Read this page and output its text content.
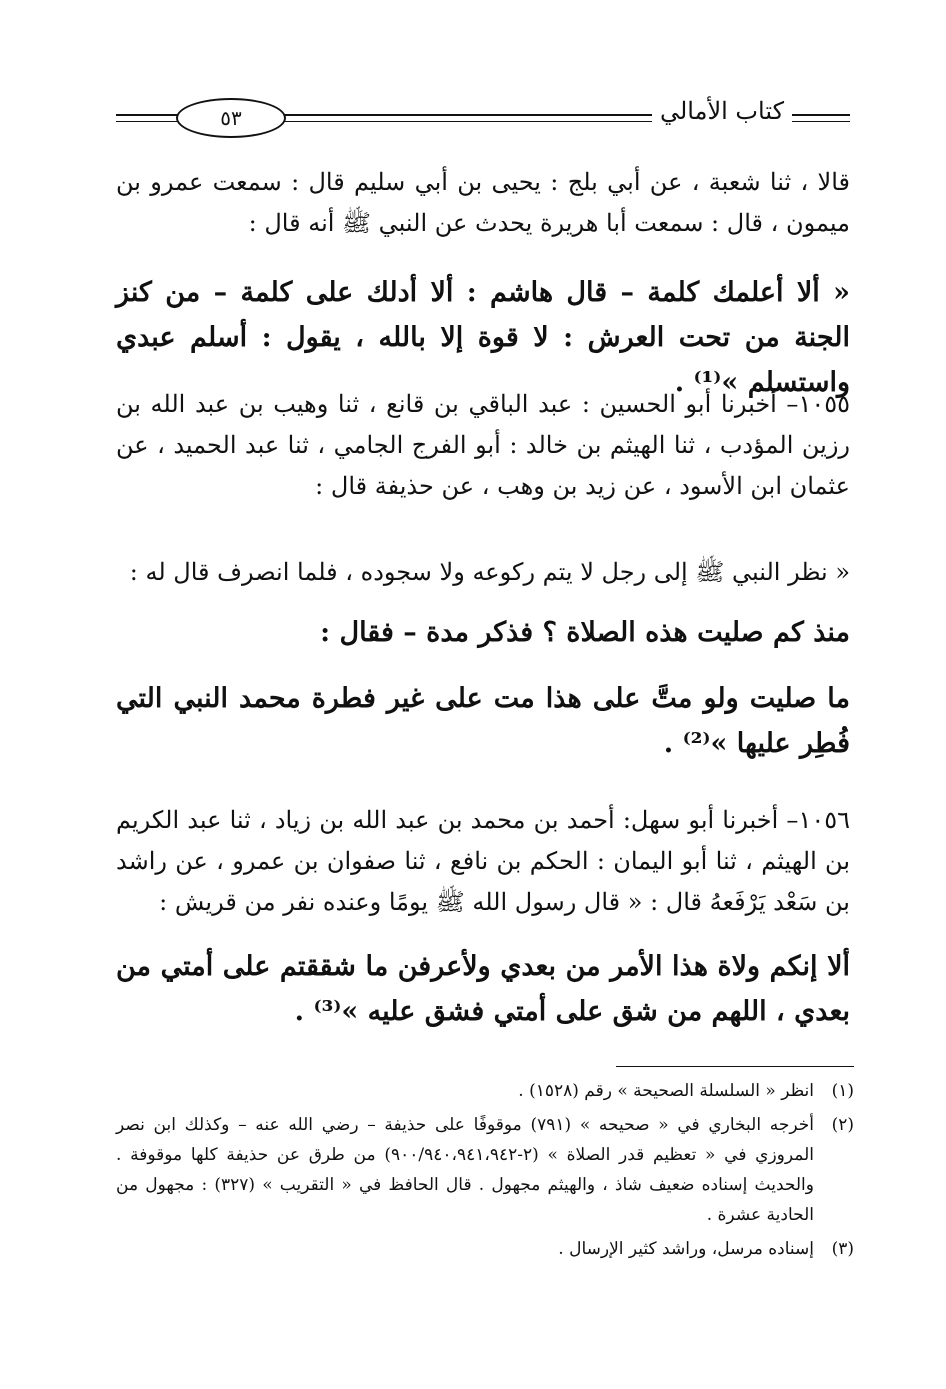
٥٣	كتاب الأمالي

قالا ، ثنا شعبة ، عن أبي بلج : يحيى بن أبي سليم قال : سمعت عمرو بن ميمون ، قال : سمعت أبا هريرة يحدث عن النبي ﷺ أنه قال :

« ألا أعلمك كلمة – قال هاشم : ألا أدلك على كلمة – من كنز الجنة من تحت العرش : لا قوة إلا بالله ، يقول : أسلم عبدي واستسلم »⁽¹⁾ .

١٠٥٥– أخبرنا أبو الحسين : عبد الباقي بن قانع ، ثنا وهيب بن عبد الله بن رزين المؤدب ، ثنا الهيثم بن خالد : أبو الفرج الجامي ، ثنا عبد الحميد ، عن عثمان ابن الأسود ، عن زيد بن وهب ، عن حذيفة قال :

« نظر النبي ﷺ إلى رجل لا يتم ركوعه ولا سجوده ، فلما انصرف قال له :

منذ كم صليت هذه الصلاة ؟ فذكر مدة – فقال :

ما صليت ولو متَّ على هذا مت على غير فطرة محمد النبي التي فُطِر عليها »⁽²⁾ .

١٠٥٦– أخبرنا أبو سهل: أحمد بن محمد بن عبد الله بن زياد ، ثنا عبد الكريم بن الهيثم ، ثنا أبو اليمان : الحكم بن نافع ، ثنا صفوان بن عمرو ، عن راشد بن سَعْد يَرْفَعهُ قال : « قال رسول الله ﷺ يومًا وعنده نفر من قريش :

ألا إنكم ولاة هذا الأمر من بعدي ولأعرفن ما شققتم على أمتي من بعدي ، اللهم من شق على أمتي فشق عليه »⁽³⁾ .

(١)
انظر « السلسلة الصحيحة » رقم (١٥٢٨) .
(٢)
أخرجه البخاري في « صحيحه » (٧٩١) موقوفًا على حذيفة – رضي الله عنه – وكذلك ابن نصر المروزي في « تعظيم قدر الصلاة » (٢-٩٠٠/٩٤٠،٩٤١،٩٤٢) من طرق عن حذيفة كلها موقوفة . والحديث إسناده ضعيف شاذ ، والهيثم مجهول . قال الحافظ في « التقريب » (٣٢٧) : مجهول من الحادية عشرة .
(٣)
إسناده مرسل، وراشد كثير الإرسال .
